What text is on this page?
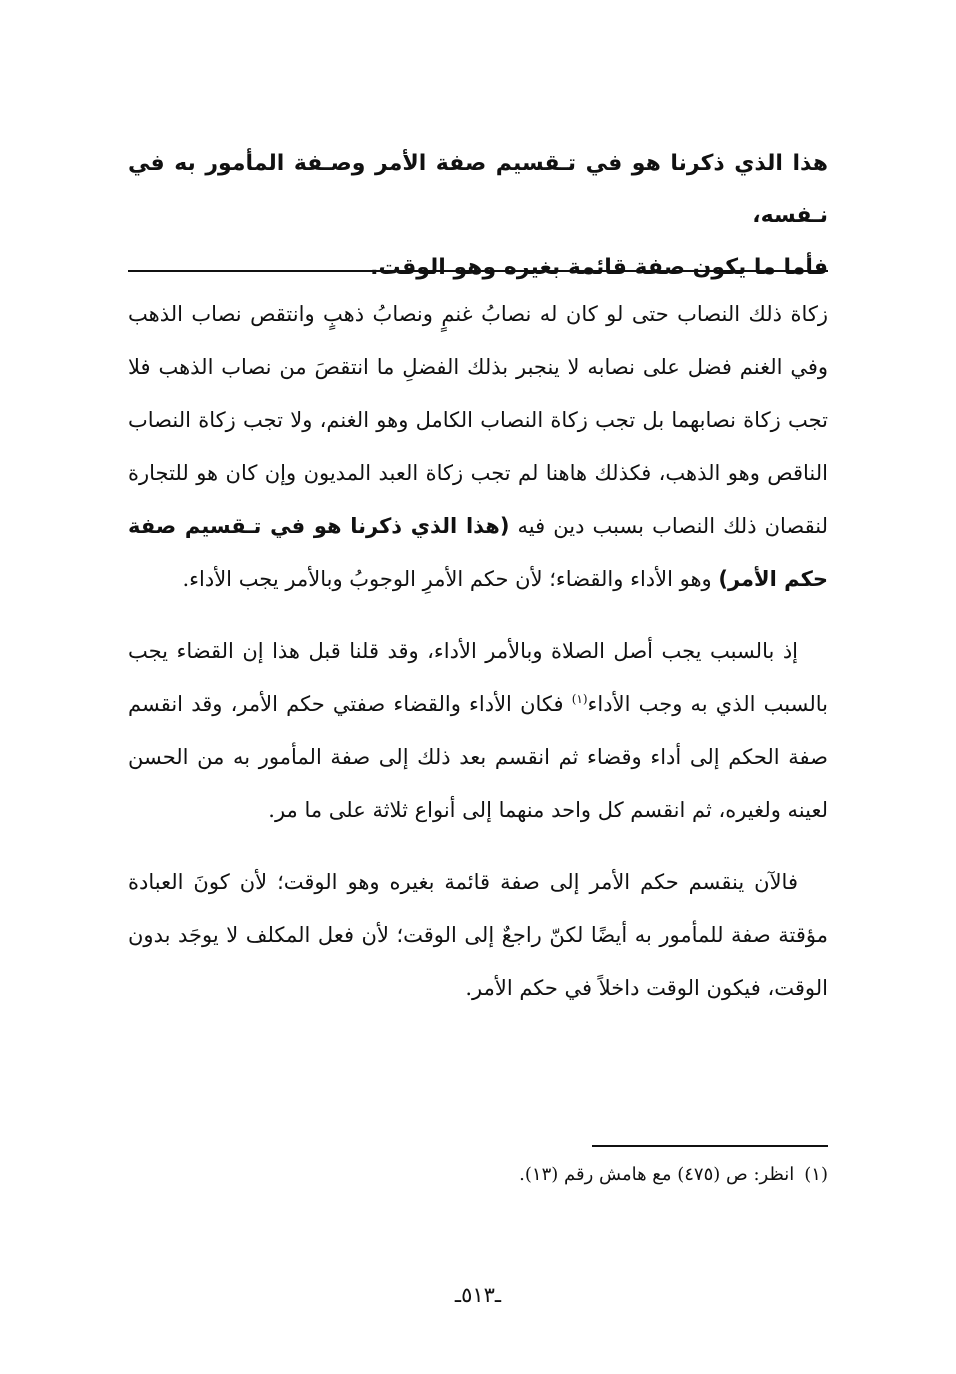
هذا الذي ذكرنا هو في تـقسيم صفة الأمر وصـفة المأمور به في نـفسه،

فأما ما يكون صفة قائمة بغيره وهو الوقت.

زكاة ذلك النصاب حتى لو كان له نصابُ غنمٍ ونصابُ ذهبٍ وانتقص نصاب الذهب وفي الغنم فضل على نصابه لا ينجبر بذلك الفضلِ ما انتقصَ من نصاب الذهب فلا تجب زكاة نصابهما بل تجب زكاة النصاب الكامل وهو الغنم، ولا تجب زكاة النصاب الناقص وهو الذهب، فكذلك هاهنا لم تجب زكاة العبد المديون وإن كان هو للتجارة لنقصان ذلك النصاب بسبب دين فيه (هذا الذي ذكرنا هو في تـقسيم صفة حكم الأمر) وهو الأداء والقضاء؛ لأن حكم الأمرِ الوجوبُ وبالأمر يجب الأداء.

إذ بالسبب يجب أصل الصلاة وبالأمر الأداء، وقد قلنا قبل هذا إن القضاء يجب بالسبب الذي به وجب الأداء$^{(١)}$ فكان الأداء والقضاء صفتي حكم الأمر، وقد انقسم صفة الحكم إلى أداء وقضاء ثم انقسم بعد ذلك إلى صفة المأمور به من الحسن لعينه ولغيره، ثم انقسم كل واحد منهما إلى أنواع ثلاثة على ما مر.

فالآن ينقسم حكم الأمر إلى صفة قائمة بغيره وهو الوقت؛ لأن كونَ العبادة مؤقتة صفة للمأمور به أيضًا لكنّ راجعٌ إلى الوقت؛ لأن فعل المكلف لا يوجَد بدون الوقت، فيكون الوقت داخلاً في حكم الأمر.

(١)انظر: ص (٤٧٥) مع هامش رقم (١٣).
ـ٥١٣ـ
